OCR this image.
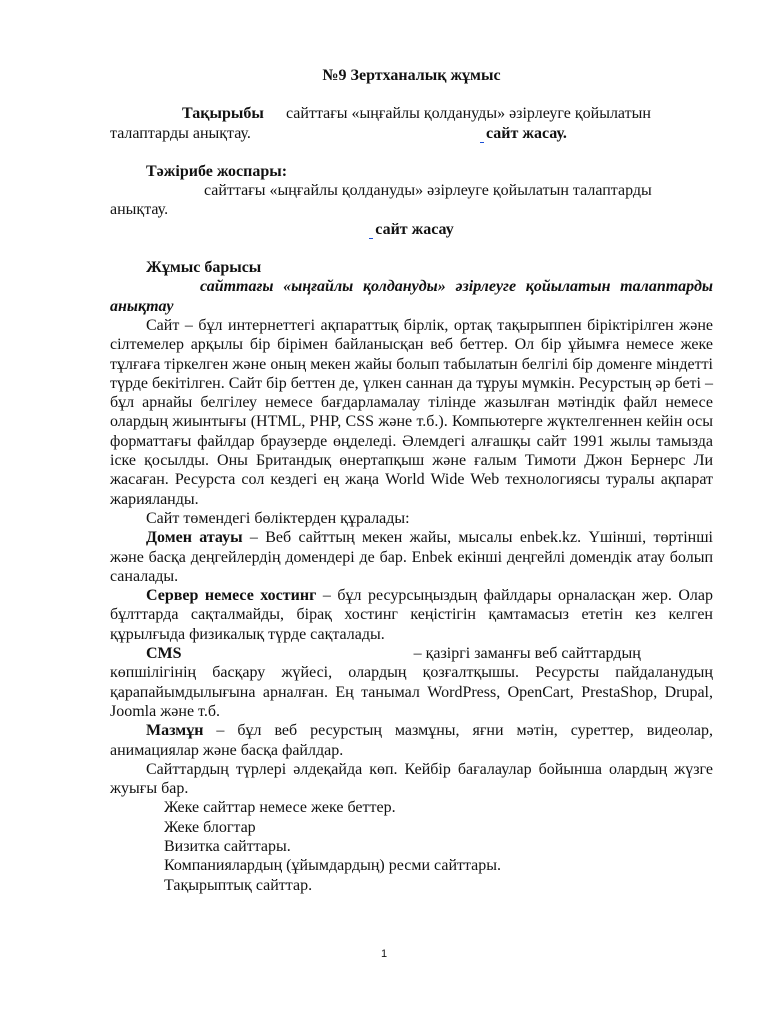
№9 Зертханалық жұмыс

Тақырыбы сайттағы «ыңғайлы қолдануды» әзірлеуге қойылатын

талаптарды анықтау.	сайт жасау.

Тәжірибе жоспары:

сайттағы «ыңғайлы қолдануды» әзірлеуге қойылатын талаптарды

анықтау.

сайт жасау

Жұмыс барысы

сайттағы «ыңғайлы қолдануды» әзірлеуге қойылатын талаптарды анықтау

Сайт – бұл интернеттегі ақпараттық бірлік, ортақ тақырыппен біріктірілген және сілтемелер арқылы бір бірімен байланысқан веб беттер. Ол бір ұйымға немесе жеке тұлғаға тіркелген және оның мекен жайы болып табылатын белгілі бір доменге міндетті түрде бекітілген. Сайт бір беттен де, үлкен саннан да тұруы мүмкін. Ресурстың әр беті – бұл арнайы белгілеу немесе бағдарламалау тілінде жазылған мәтіндік файл немесе олардың жиынтығы (HTML, PHP, CSS және т.б.). Компьютерге жүктелгеннен кейін осы форматтағы файлдар браузерде өңделеді. Әлемдегі алғашқы сайт 1991 жылы тамызда іске қосылды. Оны Британдық өнертапқыш және ғалым Тимоти Джон Бернерс Ли жасаған. Ресурста сол кездегі ең жаңа World Wide Web технологиясы туралы ақпарат жарияланды.

Сайт төмендегі бөліктерден құралады:

Домен атауы – Веб сайттың мекен жайы, мысалы enbek.kz. Үшінші, төртінші және басқа деңгейлердің домендері де бар. Enbek екінші деңгейлі домендік атау болып саналады.

Сервер немесе хостинг – бұл ресурсыңыздың файлдары орналасқан жер. Олар бұлттарда сақталмайды, бірақ хостинг кеңістігін қамтамасыз ететін кез келген құрылғыда физикалық түрде сақталады.

CMS	– қазіргі заманғы веб сайттардың

көпшілігінің басқару жүйесі, олардың қозғалтқышы. Ресурсты пайдаланудың қарапайымдылығына арналған. Ең танымал WordPress, OpenCart, PrestaShop, Drupal, Joomla және т.б.

Мазмұн – бұл веб ресурстың мазмұны, яғни мәтін, суреттер, видеолар, анимациялар және басқа файлдар.

Сайттардың түрлері әлдеқайда көп. Кейбір бағалаулар бойынша олардың жүзге жуығы бар.

Жеке сайттар немесе жеке беттер.

Жеке блогтар

Визитка сайттары.

Компаниялардың (ұйымдардың) ресми сайттары.

Тақырыптық сайттар.

1
